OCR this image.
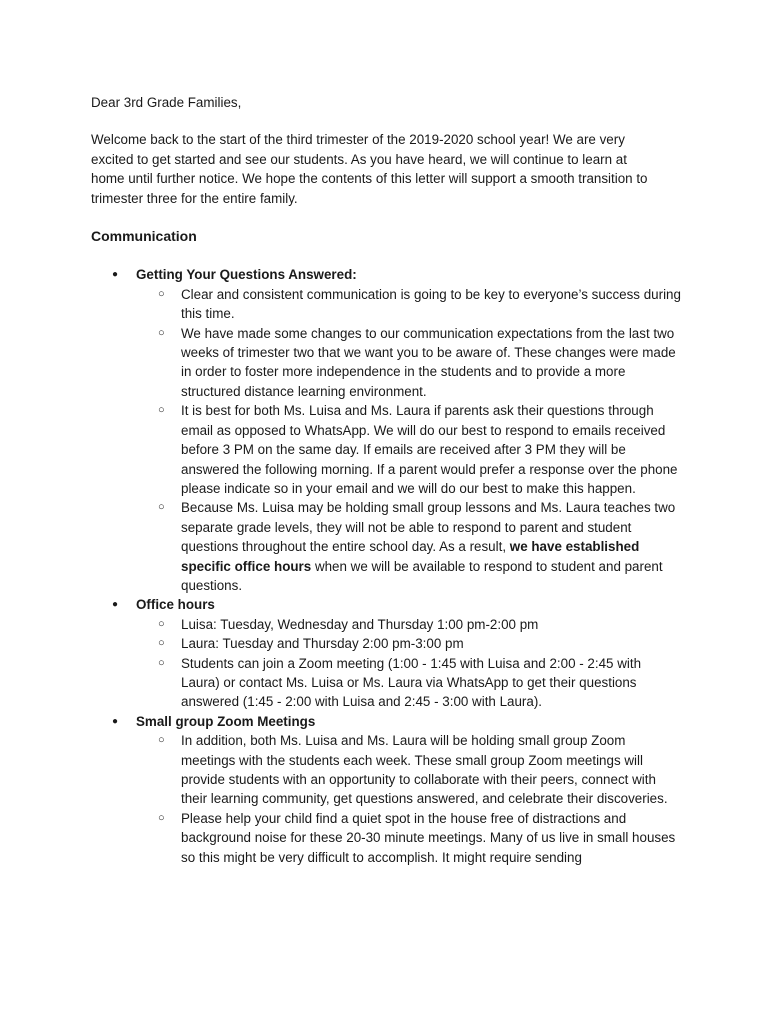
Dear 3rd Grade Families,

Welcome back to the start of the third trimester of the 2019-2020 school year! We are very excited to get started and see our students. As you have heard, we will continue to learn at home until further notice. We hope the contents of this letter will support a smooth transition to trimester three for the entire family.

Communication
● Getting Your Questions Answered:
○ Clear and consistent communication is going to be key to everyone’s success during this time.
○ We have made some changes to our communication expectations from the last two weeks of trimester two that we want you to be aware of. These changes were made in order to foster more independence in the students and to provide a more structured distance learning environment.
○ It is best for both Ms. Luisa and Ms. Laura if parents ask their questions through email as opposed to WhatsApp. We will do our best to respond to emails received before 3 PM on the same day. If emails are received after 3 PM they will be answered the following morning. If a parent would prefer a response over the phone please indicate so in your email and we will do our best to make this happen.
○ Because Ms. Luisa may be holding small group lessons and Ms. Laura teaches two separate grade levels, they will not be able to respond to parent and student questions throughout the entire school day. As a result, we have established specific office hours when we will be available to respond to student and parent questions.
● Office hours
○ Luisa: Tuesday, Wednesday and Thursday 1:00 pm-2:00 pm
○ Laura: Tuesday and Thursday 2:00 pm-3:00 pm
○ Students can join a Zoom meeting (1:00 - 1:45 with Luisa and 2:00 - 2:45 with Laura) or contact Ms. Luisa or Ms. Laura via WhatsApp to get their questions answered (1:45 - 2:00 with Luisa and 2:45 - 3:00 with Laura).
● Small group Zoom Meetings
○ In addition, both Ms. Luisa and Ms. Laura will be holding small group Zoom meetings with the students each week. These small group Zoom meetings will provide students with an opportunity to collaborate with their peers, connect with their learning community, get questions answered, and celebrate their discoveries.
○ Please help your child find a quiet spot in the house free of distractions and background noise for these 20-30 minute meetings. Many of us live in small houses so this might be very difficult to accomplish. It might require sending
